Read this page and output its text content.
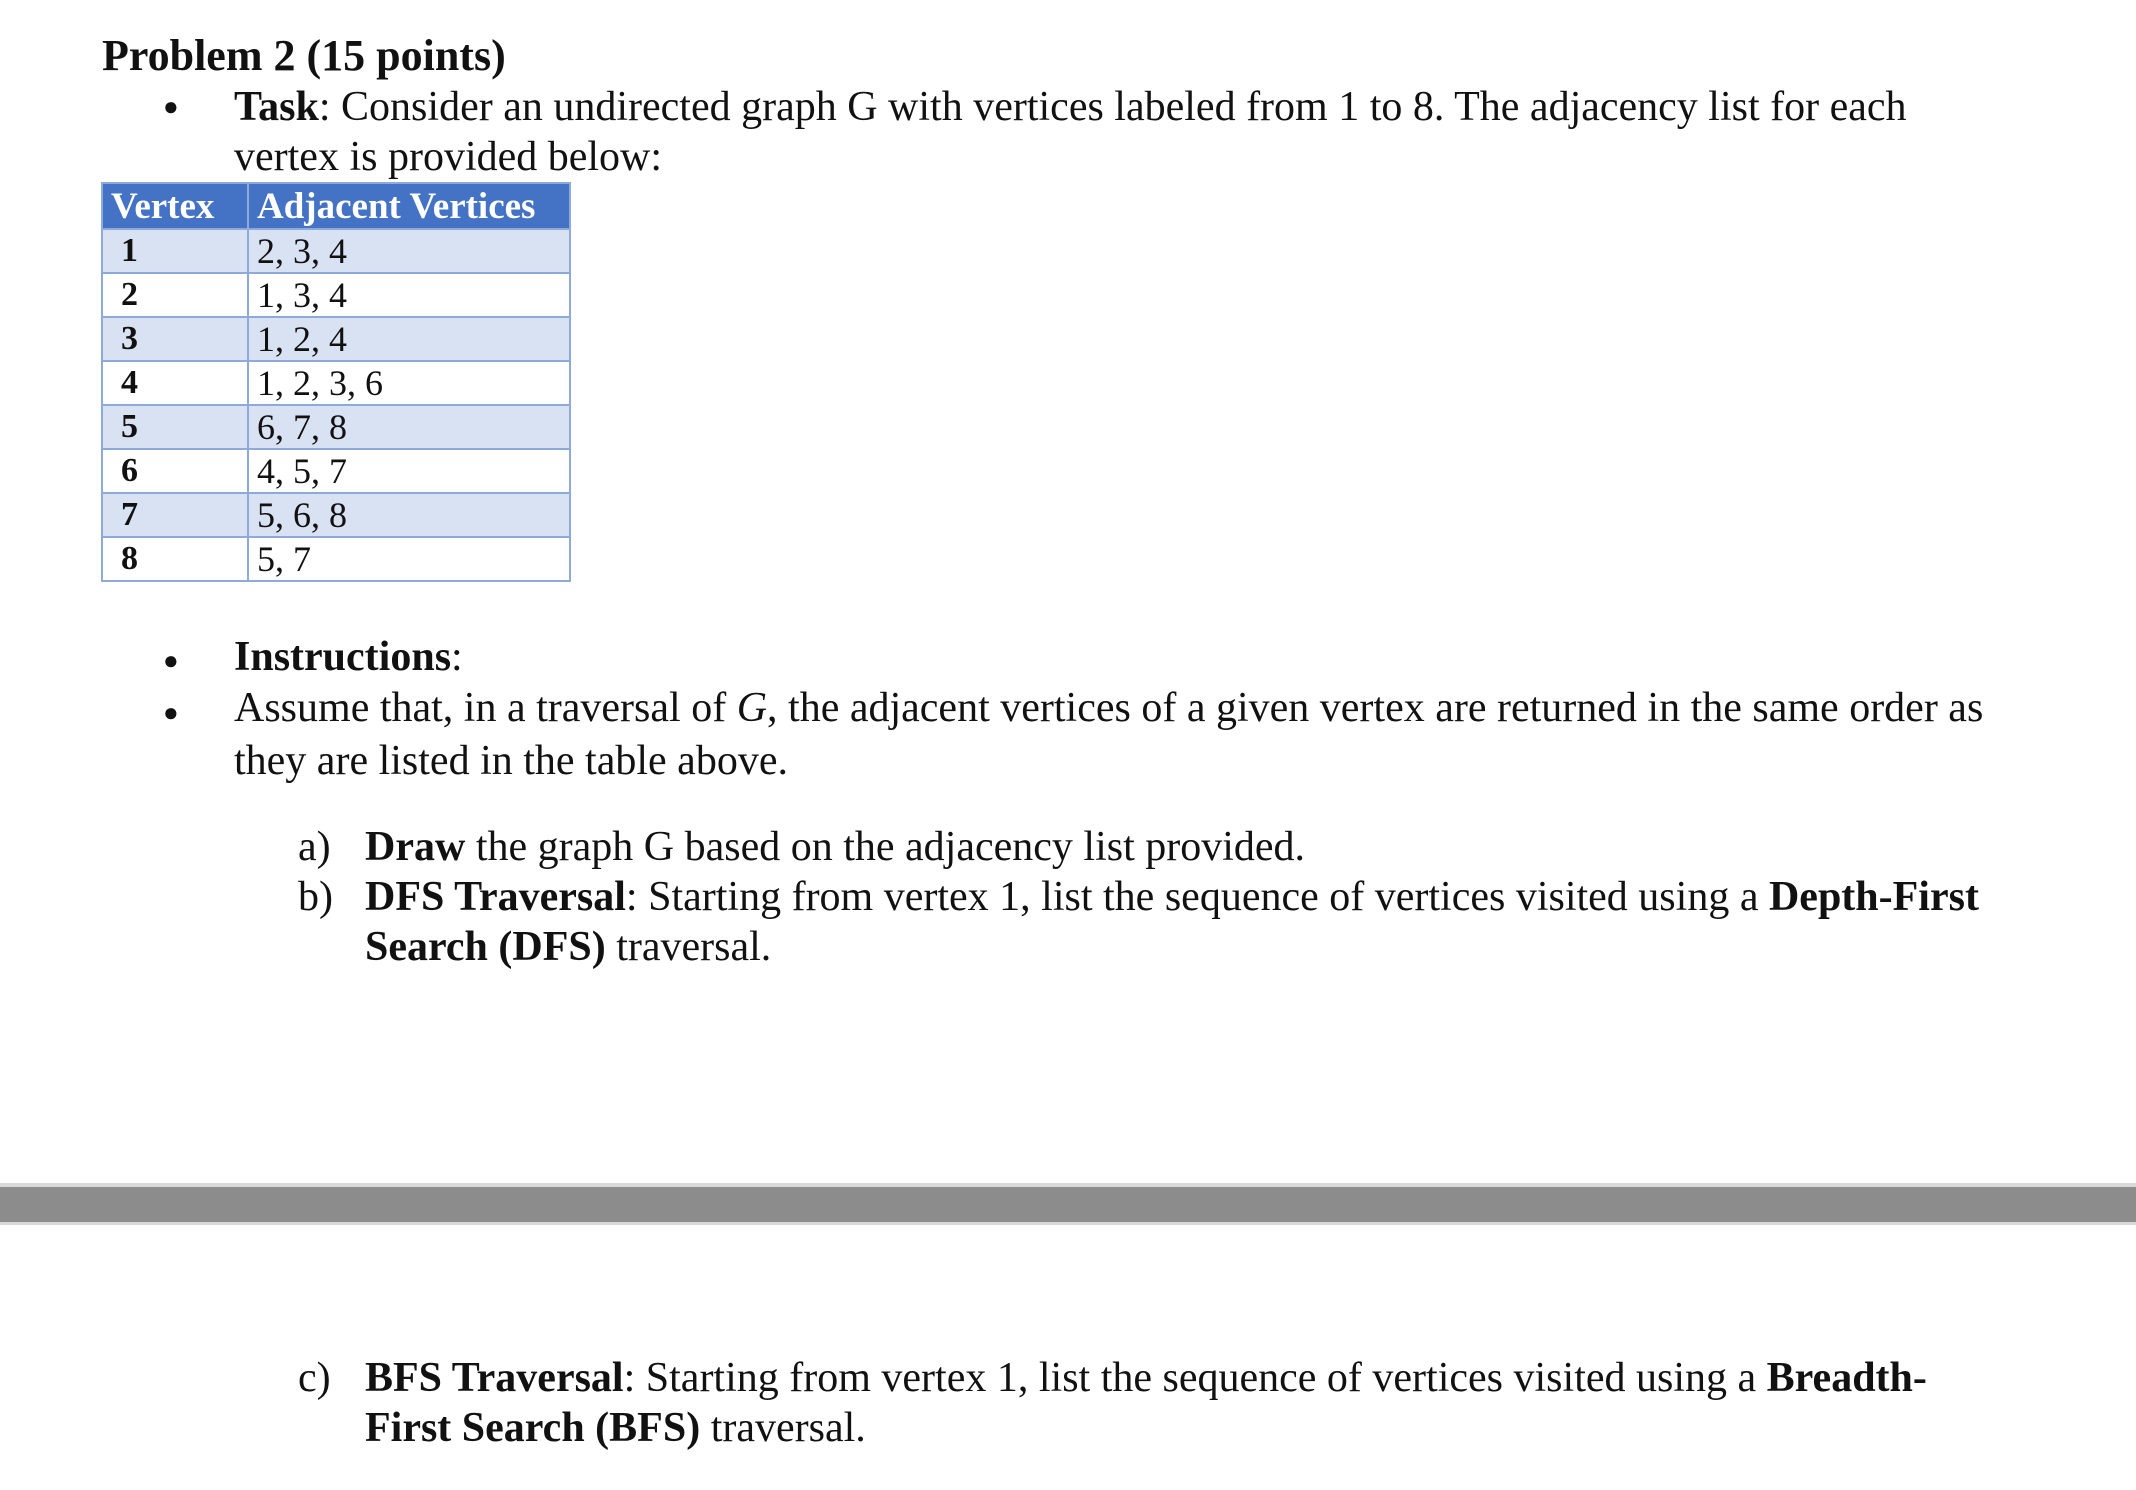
Problem 2 (15 points)
● Task: Consider an undirected graph G with vertices labeled from 1 to 8. The adjacency list for each
vertex is provided below:
Vertex	Adjacent Vertices
1	2, 3, 4
2	1, 3, 4
3	1, 2, 4
4	1, 2, 3, 6
5	6, 7, 8
6	4, 5, 7
7	5, 6, 8
8	5, 7
● Instructions:
● Assume that, in a traversal of G, the adjacent vertices of a given vertex are returned in the same order as
they are listed in the table above.
a) Draw the graph G based on the adjacency list provided.
b) DFS Traversal: Starting from vertex 1, list the sequence of vertices visited using a Depth-First
Search (DFS) traversal.
c) BFS Traversal: Starting from vertex 1, list the sequence of vertices visited using a Breadth-
First Search (BFS) traversal.
